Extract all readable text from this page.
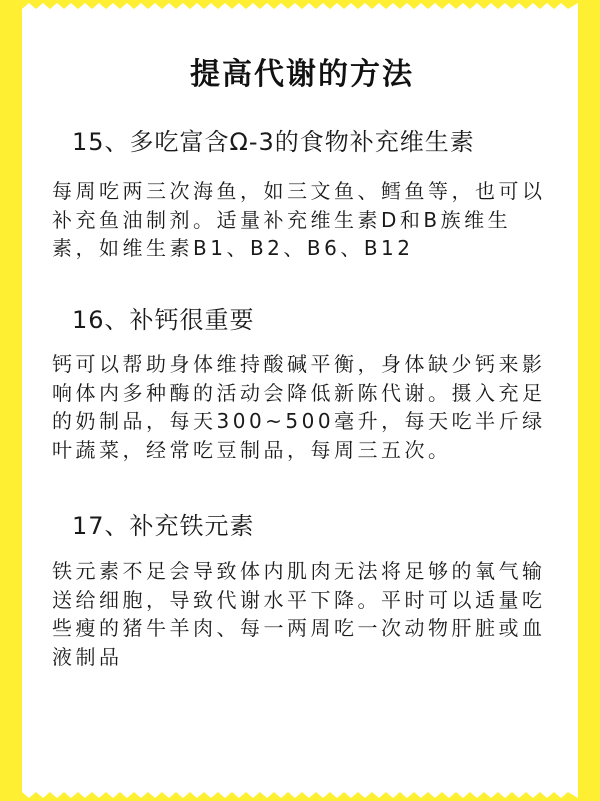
提高代谢的方法
15、多吃富含Ω-3的食物补充维生素

每周吃两三次海鱼，如三文鱼、鳕鱼等，也可以补充鱼油制剂。适量补充维生素D和B族维生素，如维生素B1、B2、B6、B12

16、补钙很重要

钙可以帮助身体维持酸碱平衡，身体缺少钙来影响体内多种酶的活动会降低新陈代谢。摄入充足的奶制品，每天300~500毫升，每天吃半斤绿叶蔬菜，经常吃豆制品，每周三五次。

17、补充铁元素

铁元素不足会导致体内肌肉无法将足够的氧气输送给细胞，导致代谢水平下降。平时可以适量吃些瘦的猪牛羊肉、每一两周吃一次动物肝脏或血液制品
